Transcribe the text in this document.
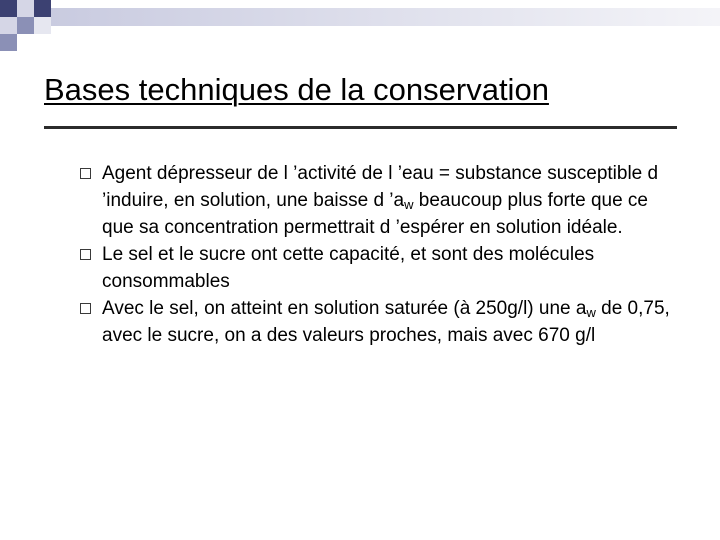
Bases techniques de la conservation
Agent dépresseur de l ’activité de l ’eau = substance susceptible d ’induire, en solution, une baisse d $’a_w$ beaucoup plus forte que ce que sa concentration permettrait d ’espérer en solution idéale.
Le sel et le sucre ont cette capacité, et sont des molécules consommables
Avec le sel, on atteint en solution saturée (à 250g/l) une $a_w$ de 0,75, avec le sucre, on a des valeurs proches, mais avec 670 g/l
